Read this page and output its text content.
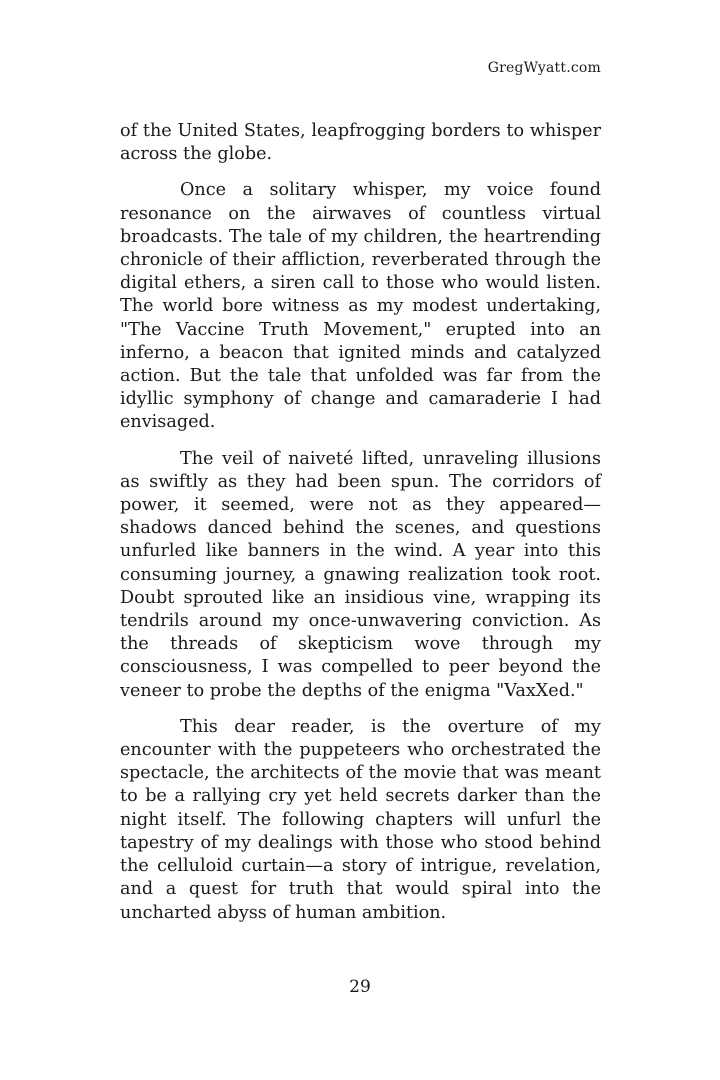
GregWyatt.com

of the United States, leapfrogging borders to whisper across the globe.

Once a solitary whisper, my voice found resonance on the airwaves of countless virtual broadcasts. The tale of my children, the heartrending chronicle of their affliction, reverberated through the digital ethers, a siren call to those who would listen. The world bore witness as my modest undertaking, "The Vaccine Truth Movement," erupted into an inferno, a beacon that ignited minds and catalyzed action. But the tale that unfolded was far from the idyllic symphony of change and camaraderie I had envisaged.

The veil of naiveté lifted, unraveling illusions as swiftly as they had been spun. The corridors of power, it seemed, were not as they appeared—shadows danced behind the scenes, and questions unfurled like banners in the wind. A year into this consuming journey, a gnawing realization took root. Doubt sprouted like an insidious vine, wrapping its tendrils around my once-unwavering conviction. As the threads of skepticism wove through my consciousness, I was compelled to peer beyond the veneer to probe the depths of the enigma "VaxXed."

This dear reader, is the overture of my encounter with the puppeteers who orchestrated the spectacle, the architects of the movie that was meant to be a rallying cry yet held secrets darker than the night itself. The following chapters will unfurl the tapestry of my dealings with those who stood behind the celluloid curtain—a story of intrigue, revelation, and a quest for truth that would spiral into the uncharted abyss of human ambition.

29
